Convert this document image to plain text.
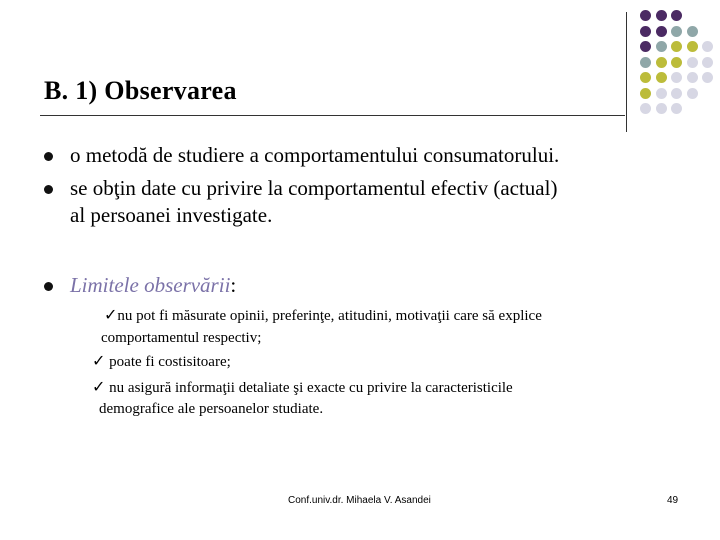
B. 1) Observarea
o metodă de studiere a comportamentului consumatorului.
se obţin date cu privire la comportamentul efectiv (actual)
al persoanei investigate.
Limitele observării:
✓nu pot fi măsurate opinii, preferinţe, atitudini, motivaţii care să explice
comportamentul respectiv;
✓ poate fi costisitoare;
✓ nu asigură informaţii detaliate şi exacte cu privire la caracteristicile
demografice ale persoanelor studiate.
Conf.univ.dr. Mihaela V. Asandei	49
